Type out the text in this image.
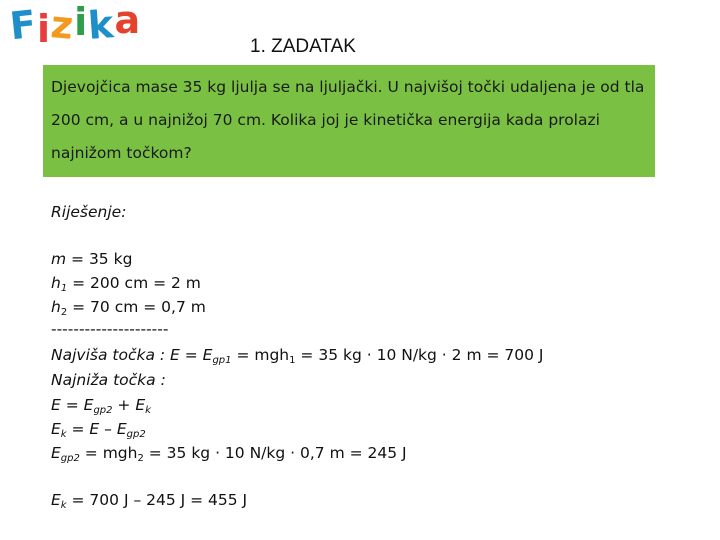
Fizika
1. ZADATAK
Djevojčica mase 35 kg ljulja se na ljuljački. U najvišoj točki udaljena je od tla 200 cm, a u najnižoj 70 cm. Kolika joj je kinetička energija kada prolazi najnižom točkom?
Riješenje:
m = 35 kg
$h_1 = 200$ cm = 2 m
$h_2 = 70$ cm = 0,7 m
---------------------
Najviša točka : $E = E_{gp1} = mgh_1 = 35$ kg · 10 N/kg · 2 m = 700 J
Najniža točka :
$E = E_{gp2} + E_k$
$E_k = E - E_{gp2}$
$E_{gp2} = mgh_2 = 35$ kg · 10 N/kg · 0,7 m = 245 J
$E_k = 700$ J – 245 J = 455 J
